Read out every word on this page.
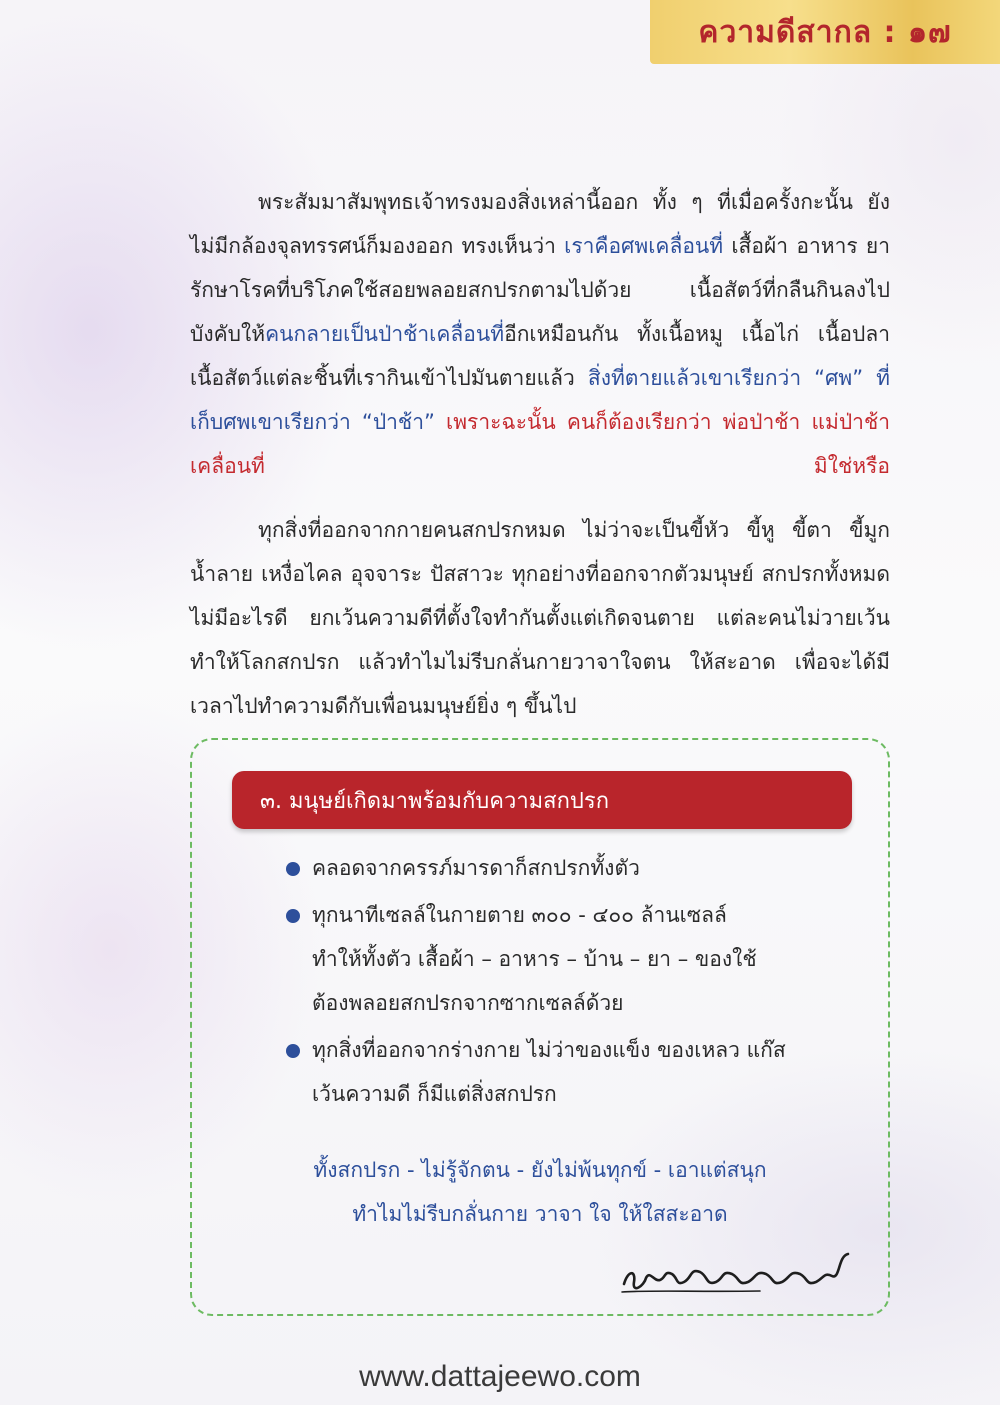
ความดีสากล : ๑๗

พระสัมมาสัมพุทธเจ้าทรงมองสิ่งเหล่านี้ออก ทั้ง ๆ ที่เมื่อครั้งกะนั้น ยังไม่มีกล้องจุลทรรศน์ก็มองออก ทรงเห็นว่า เราคือศพเคลื่อนที่ เสื้อผ้า อาหาร ยารักษาโรคที่บริโภคใช้สอยพลอยสกปรกตามไปด้วย เนื้อสัตว์ที่กลืนกินลงไป บังคับให้คนกลายเป็นป่าช้าเคลื่อนที่อีกเหมือนกัน ทั้งเนื้อหมู เนื้อไก่ เนื้อปลา เนื้อสัตว์แต่ละชิ้นที่เรากินเข้าไปมันตายแล้ว สิ่งที่ตายแล้วเขาเรียกว่า “ศพ” ที่เก็บศพเขาเรียกว่า “ป่าช้า” เพราะฉะนั้น คนก็ต้องเรียกว่า พ่อป่าช้า แม่ป่าช้าเคลื่อนที่ มิใช่หรือ

ทุกสิ่งที่ออกจากกายคนสกปรกหมด ไม่ว่าจะเป็นขี้หัว ขี้หู ขี้ตา ขี้มูก น้ำลาย เหงื่อไคล อุจจาระ ปัสสาวะ ทุกอย่างที่ออกจากตัวมนุษย์ สกปรกทั้งหมดไม่มีอะไรดี ยกเว้นความดีที่ตั้งใจทำกันตั้งแต่เกิดจนตาย แต่ละคนไม่วายเว้นทำให้โลกสกปรก แล้วทำไมไม่รีบกลั่นกายวาจาใจตน ให้สะอาด เพื่อจะได้มีเวลาไปทำความดีกับเพื่อนมนุษย์ยิ่ง ๆ ขึ้นไป

๓. มนุษย์เกิดมาพร้อมกับความสกปรก
คลอดจากครรภ์มารดาก็สกปรกทั้งตัว
ทุกนาทีเซลล์ในกายตาย ๓๐๐ - ๔๐๐ ล้านเซลล์
ทำให้ทั้งตัว เสื้อผ้า – อาหาร – บ้าน – ยา – ของใช้
ต้องพลอยสกปรกจากซากเซลล์ด้วย
ทุกสิ่งที่ออกจากร่างกาย ไม่ว่าของแข็ง ของเหลว แก๊ส
เว้นความดี ก็มีแต่สิ่งสกปรก
ทั้งสกปรก - ไม่รู้จักตน - ยังไม่พ้นทุกข์ - เอาแต่สนุก
ทำไมไม่รีบกลั่นกาย วาจา ใจ ให้ใสสะอาด
www.dattajeewo.com
